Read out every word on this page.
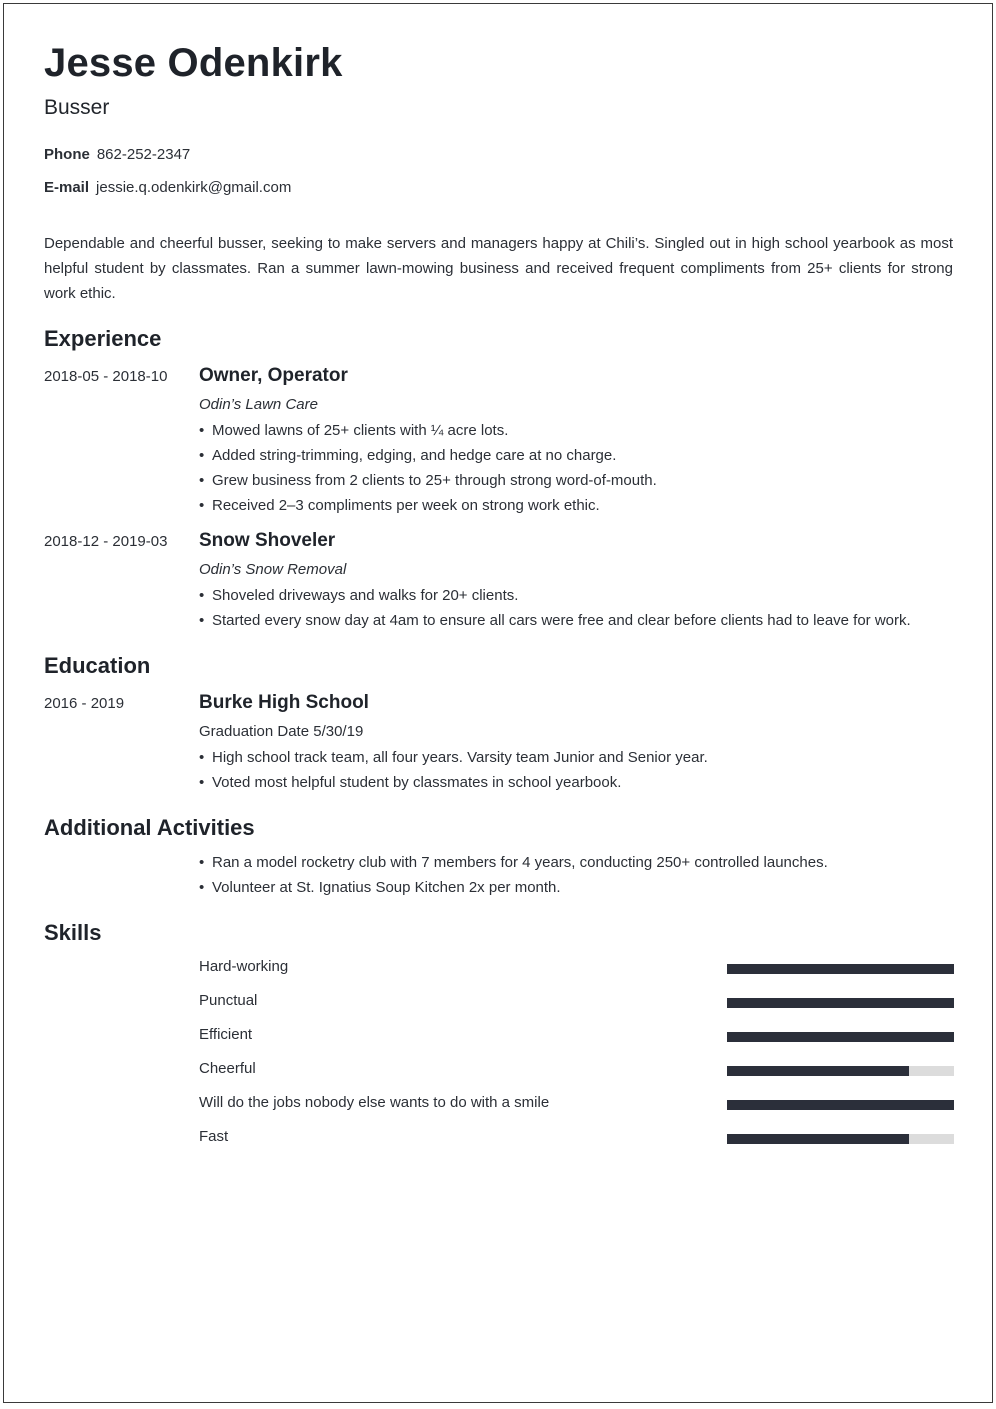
Jesse Odenkirk
Busser
Phone 862-252-2347
E-mail jessie.q.odenkirk@gmail.com
Dependable and cheerful busser, seeking to make servers and managers happy at Chili’s. Singled out in high school yearbook as most helpful student by classmates. Ran a summer lawn-mowing business and received frequent compliments from 25+ clients for strong work ethic.
Experience
2018-05 - 2018-10 Owner, Operator
Odin’s Lawn Care
• Mowed lawns of 25+ clients with ¼ acre lots.
• Added string-trimming, edging, and hedge care at no charge.
• Grew business from 2 clients to 25+ through strong word-of-mouth.
• Received 2–3 compliments per week on strong work ethic.
2018-12 - 2019-03 Snow Shoveler
Odin’s Snow Removal
• Shoveled driveways and walks for 20+ clients.
• Started every snow day at 4am to ensure all cars were free and clear before clients had to leave for work.
Education
2016 - 2019	Burke High School
Graduation Date 5/30/19
• High school track team, all four years. Varsity team Junior and Senior year.
• Voted most helpful student by classmates in school yearbook.
Additional Activities
• Ran a model rocketry club with 7 members for 4 years, conducting 250+ controlled launches.
• Volunteer at St. Ignatius Soup Kitchen 2x per month.
Skills
Hard-working
Punctual
Efficient
Cheerful
Will do the jobs nobody else wants to do with a smile
Fast
